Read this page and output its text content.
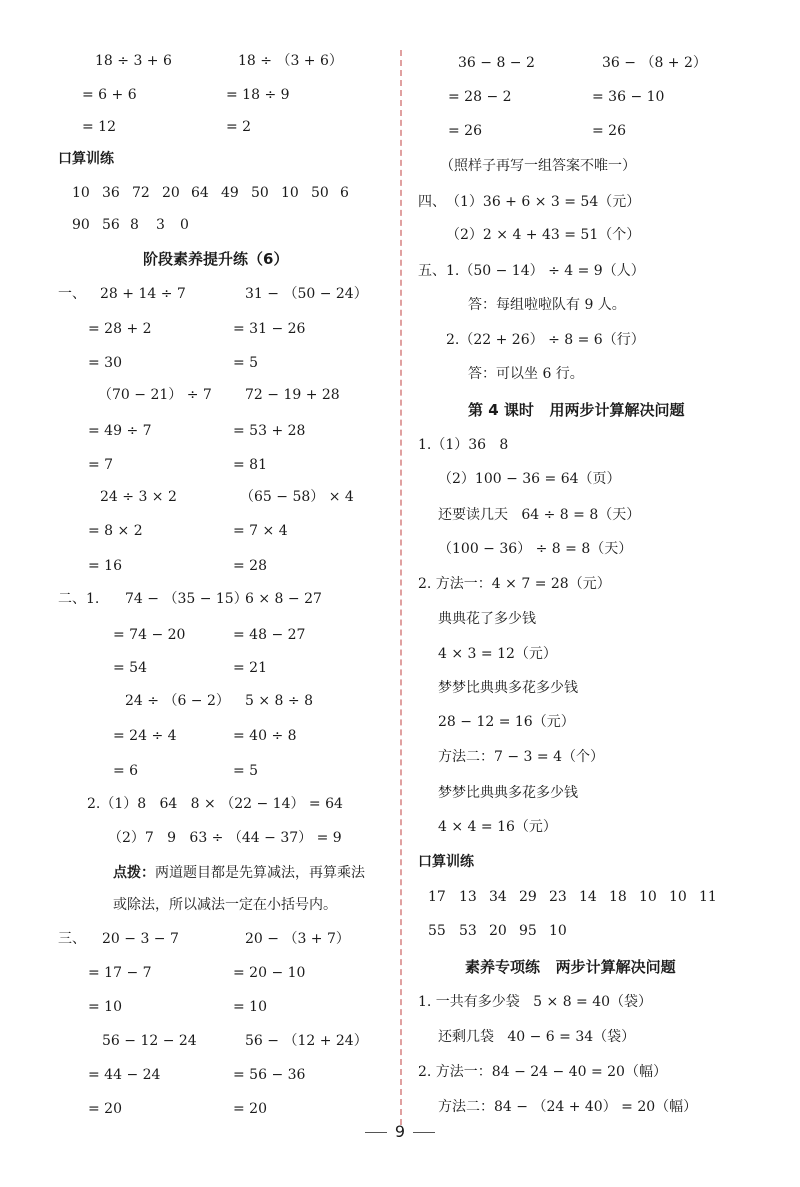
18 ÷ 3 + 6
= 6 + 6
= 12
18 ÷ （3 + 6）
= 18 ÷ 9
= 2
口算训练
10 36 72 20 64 49 50 10 50 6
90 56 8 3 0
阶段素养提升练（6）
一、 28 + 14 ÷ 7
= 28 + 2
= 30
31 − （50 − 24）
= 31 − 26
= 5
（70 − 21） ÷ 7
= 49 ÷ 7
= 7
72 − 19 + 28
= 53 + 28
= 81
24 ÷ 3 × 2
= 8 × 2
= 16
（65 − 58） × 4
= 7 × 4
= 28
二、1. 74 − （35 − 15）
= 74 − 20
= 54
6 × 8 − 27
= 48 − 27
= 21
24 ÷ （6 − 2）
= 24 ÷ 4
= 6
5 × 8 ÷ 8
= 40 ÷ 8
= 5
2.（1）8   64   8 × （22 − 14） = 64
（2）7   9   63 ÷ （44 − 37） = 9
点拨：两道题目都是先算减法，再算乘法
或除法，所以减法一定在小括号内。
三、 20 − 3 − 7
= 17 − 7
= 10
20 − （3 + 7）
= 20 − 10
= 10
56 − 12 − 24
= 44 − 24
= 20
56 − （12 + 24）
= 56 − 36
= 20
36 − 8 − 2
= 28 − 2
= 26
36 − （8 + 2）
= 36 − 10
= 26
（照样子再写一组答案不唯一）
四、 （1）36 + 6 × 3 = 54（元）
（2）2 × 4 + 43 = 51（个）
五、 1.（50 − 14） ÷ 4 = 9（人）
答：每组啦啦队有 9 人。
2.（22 + 26） ÷ 8 = 6（行）
答：可以坐 6 行。
第 4 课时   用两步计算解决问题
1.（1）36   8
（2）100 − 36 = 64（页）
还要读几天   64 ÷ 8 = 8（天）
（100 − 36） ÷ 8 = 8（天）
2. 方法一：4 × 7 = 28（元）
典典花了多少钱
4 × 3 = 12（元）
梦梦比典典多花多少钱
28 − 12 = 16（元）
方法二：7 − 3 = 4（个）
梦梦比典典多花多少钱
4 × 4 = 16（元）
口算训练
17 13 34 29 23 14 18 10 10 11
55 53 20 95 10
素养专项练   两步计算解决问题
1. 一共有多少袋   5 × 8 = 40（袋）
还剩几袋   40 − 6 = 34（袋）
2. 方法一：84 − 24 − 40 = 20（幅）
方法二：84 − （24 + 40） = 20（幅）
9
